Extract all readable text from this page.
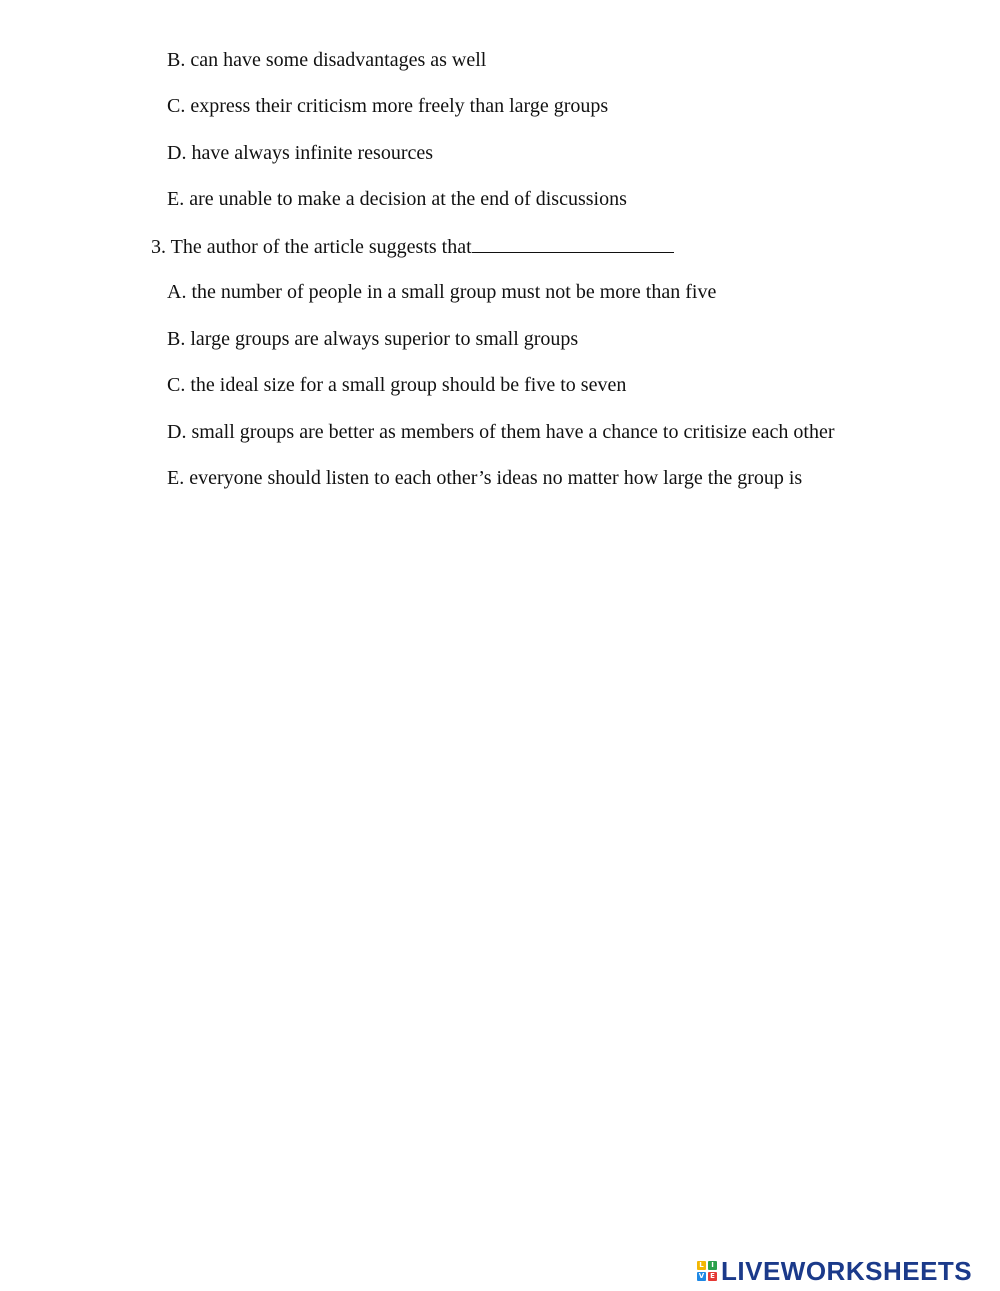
B. can have some disadvantages as well
C. express their criticism more freely than large groups
D. have always infinite resources
E. are unable to make a decision at the end of discussions
3. The author of the article suggests that
A. the number of people in a small group must not be more than five
B. large groups are always superior to small groups
C. the ideal size for a small group should be five to seven
D. small groups are better as members of them have a chance to critisize each other
E. everyone should listen to each other’s ideas no matter how large the group is
L	I
V E LIVEWORKSHEETS
